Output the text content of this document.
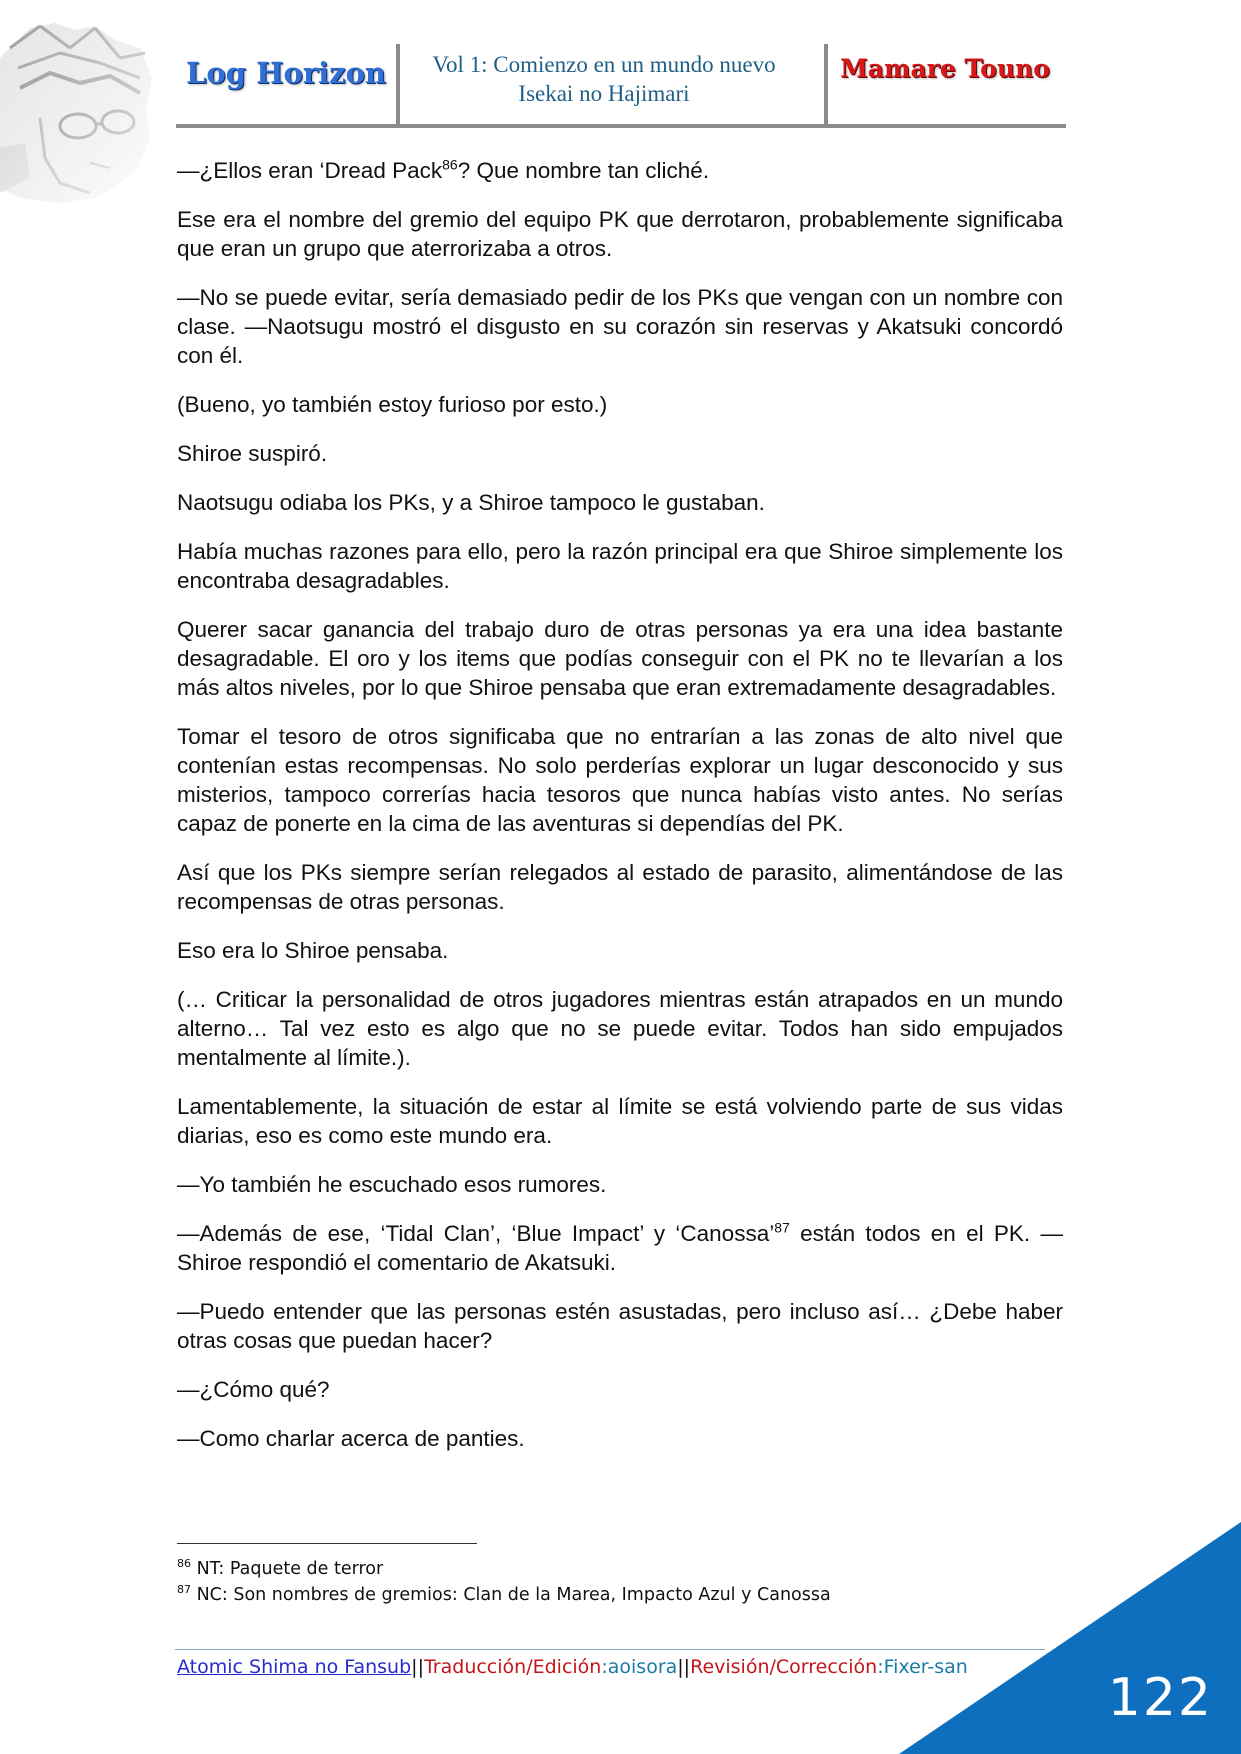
Log Horizon	Vol 1: Comienzo en un mundo nuevo
Isekai no Hajimari
Mamare Touno

—¿Ellos eran ‘Dread Pack$^{86}$? Que nombre tan cliché.

Ese era el nombre del gremio del equipo PK que derrotaron, probablemente significaba que eran un grupo que aterrorizaba a otros.

—No se puede evitar, sería demasiado pedir de los PKs que vengan con un nombre con clase. —Naotsugu mostró el disgusto en su corazón sin reservas y Akatsuki concordó con él.

(Bueno, yo también estoy furioso por esto.)

Shiroe suspiró.

Naotsugu odiaba los PKs, y a Shiroe tampoco le gustaban.

Había muchas razones para ello, pero la razón principal era que Shiroe simplemente los encontraba desagradables.

Querer sacar ganancia del trabajo duro de otras personas ya era una idea bastante desagradable. El oro y los items que podías conseguir con el PK no te llevarían a los más altos niveles, por lo que Shiroe pensaba que eran extremadamente desagradables.

Tomar el tesoro de otros significaba que no entrarían a las zonas de alto nivel que contenían estas recompensas. No solo perderías explorar un lugar desconocido y sus misterios, tampoco correrías hacia tesoros que nunca habías visto antes. No serías capaz de ponerte en la cima de las aventuras si dependías del PK.

Así que los PKs siempre serían relegados al estado de parasito, alimentándose de las recompensas de otras personas.

Eso era lo Shiroe pensaba.

(… Criticar la personalidad de otros jugadores mientras están atrapados en un mundo alterno… Tal vez esto es algo que no se puede evitar. Todos han sido empujados mentalmente al límite.).

Lamentablemente, la situación de estar al límite se está volviendo parte de sus vidas diarias, eso es como este mundo era.

—Yo también he escuchado esos rumores.

—Además de ese, ‘Tidal Clan’, ‘Blue Impact’ y ‘Canossa’$^{87}$ están todos en el PK. —Shiroe respondió el comentario de Akatsuki.

—Puedo entender que las personas estén asustadas, pero incluso así… ¿Debe haber otras cosas que puedan hacer?

—¿Cómo qué?

—Como charlar acerca de panties.

$^{86}$ NT: Paquete de terror
$^{87}$ NC: Son nombres de gremios: Clan de la Marea, Impacto Azul y Canossa
Atomic Shima no Fansub||Traducción/Edición:aoisora||Revisión/Corrección:Fixer-san
122
